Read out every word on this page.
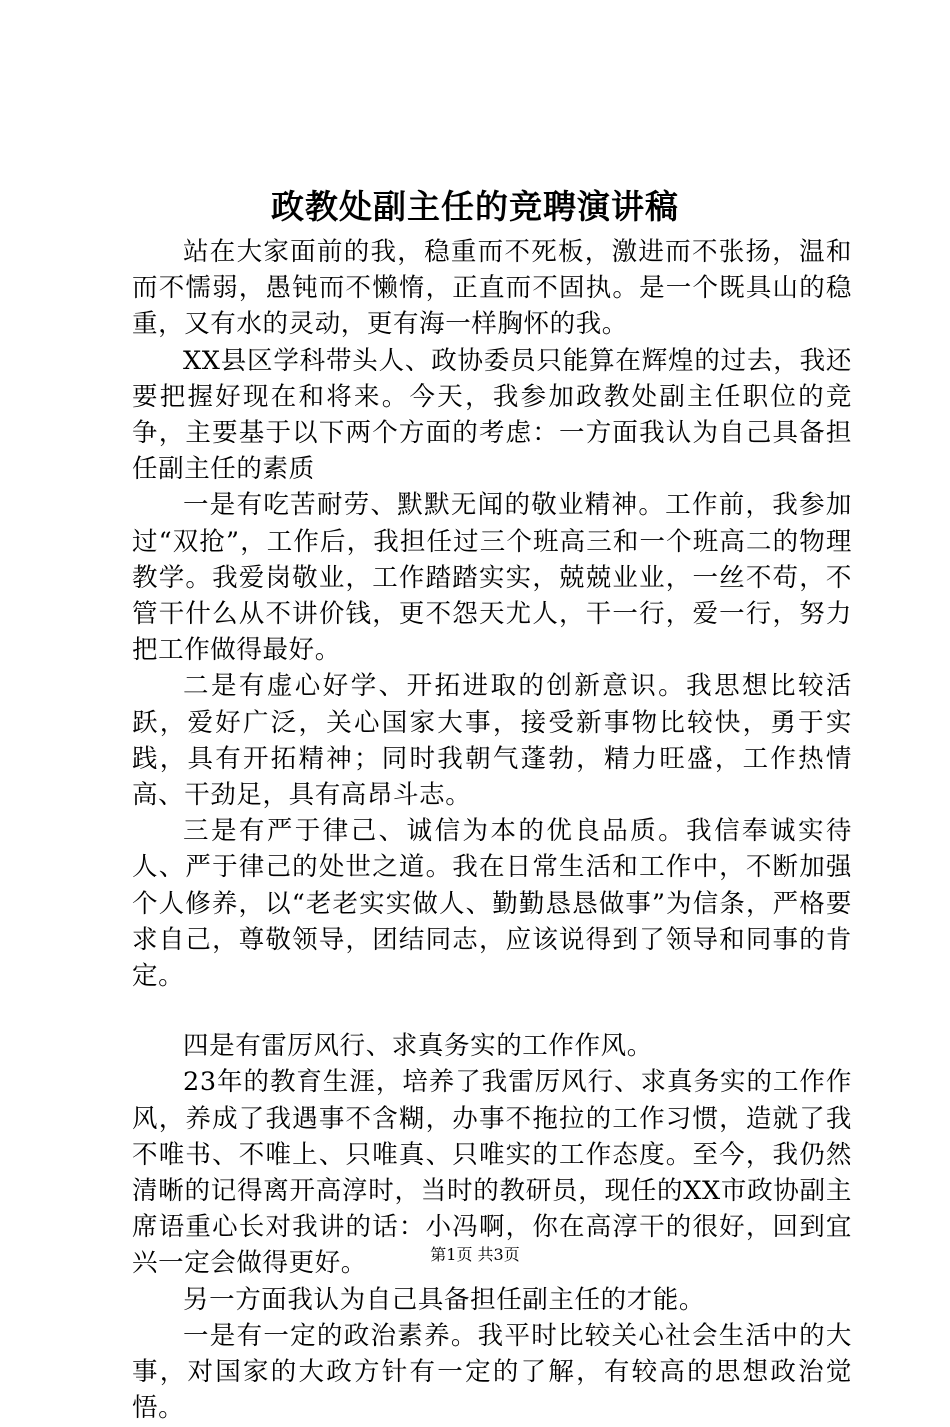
政教处副主任的竞聘演讲稿

站在大家面前的我，稳重而不死板，激进而不张扬，温和而不懦弱，愚钝而不懒惰，正直而不固执。是一个既具山的稳重，又有水的灵动，更有海一样胸怀的我。

XX县区学科带头人、政协委员只能算在辉煌的过去，我还要把握好现在和将来。今天，我参加政教处副主任职位的竞争，主要基于以下两个方面的考虑：一方面我认为自己具备担任副主任的素质

一是有吃苦耐劳、默默无闻的敬业精神。工作前，我参加过“双抢”，工作后，我担任过三个班高三和一个班高二的物理教学。我爱岗敬业，工作踏踏实实，兢兢业业，一丝不苟，不管干什么从不讲价钱，更不怨天尤人，干一行，爱一行，努力把工作做得最好。

二是有虚心好学、开拓进取的创新意识。我思想比较活跃，爱好广泛，关心国家大事，接受新事物比较快，勇于实践，具有开拓精神；同时我朝气蓬勃，精力旺盛，工作热情高、干劲足，具有高昂斗志。

三是有严于律己、诚信为本的优良品质。我信奉诚实待人、严于律己的处世之道。我在日常生活和工作中，不断加强个人修养，以“老老实实做人、勤勤恳恳做事”为信条，严格要求自己，尊敬领导，团结同志，应该说得到了领导和同事的肯定。

四是有雷厉风行、求真务实的工作作风。

23年的教育生涯，培养了我雷厉风行、求真务实的工作作风，养成了我遇事不含糊，办事不拖拉的工作习惯，造就了我不唯书、不唯上、只唯真、只唯实的工作态度。至今，我仍然清晰的记得离开高淳时，当时的教研员，现任的XX市政协副主席语重心长对我讲的话：小冯啊，你在高淳干的很好，回到宜兴一定会做得更好。

另一方面我认为自己具备担任副主任的才能。

一是有一定的政治素养。我平时比较关心社会生活中的大事，对国家的大政方针有一定的了解，有较高的思想政治觉悟。

第1页 共3页
